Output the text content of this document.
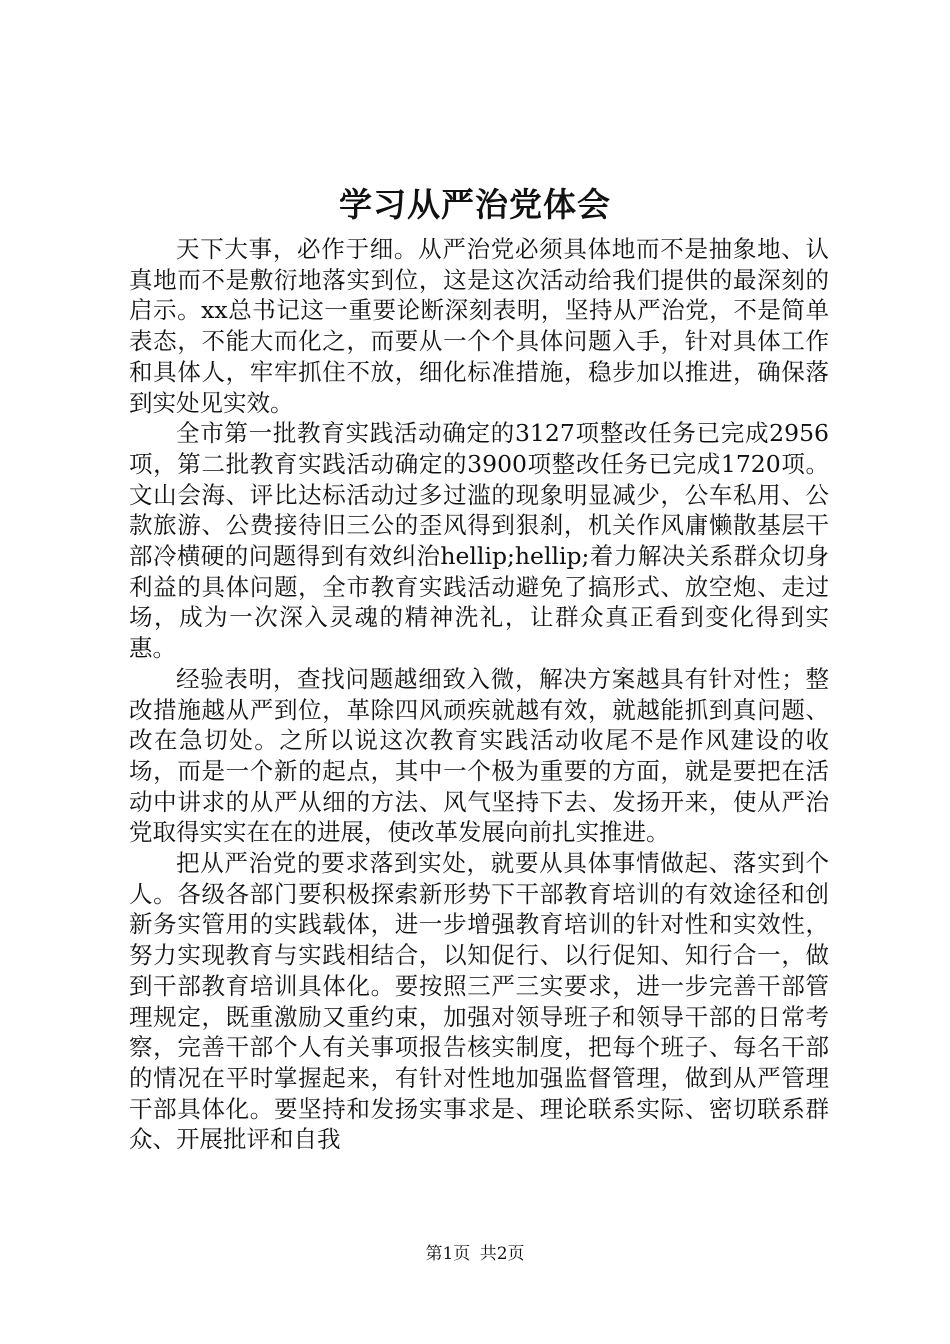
学习从严治党体会

天下大事，必作于细。从严治党必须具体地而不是抽象地、认真地而不是敷衍地落实到位，这是这次活动给我们提供的最深刻的启示。xx总书记这一重要论断深刻表明，坚持从严治党，不是简单表态，不能大而化之，而要从一个个具体问题入手，针对具体工作和具体人，牢牢抓住不放，细化标准措施，稳步加以推进，确保落到实处见实效。

全市第一批教育实践活动确定的3127项整改任务已完成2956项，第二批教育实践活动确定的3900项整改任务已完成1720项。文山会海、评比达标活动过多过滥的现象明显减少，公车私用、公款旅游、公费接待旧三公的歪风得到狠刹，机关作风庸懒散基层干部冷横硬的问题得到有效纠治hellip;hellip;着力解决关系群众切身利益的具体问题，全市教育实践活动避免了搞形式、放空炮、走过场，成为一次深入灵魂的精神洗礼，让群众真正看到变化得到实惠。

经验表明，查找问题越细致入微，解决方案越具有针对性；整改措施越从严到位，革除四风顽疾就越有效，就越能抓到真问题、改在急切处。之所以说这次教育实践活动收尾不是作风建设的收场，而是一个新的起点，其中一个极为重要的方面，就是要把在活动中讲求的从严从细的方法、风气坚持下去、发扬开来，使从严治党取得实实在在的进展，使改革发展向前扎实推进。

把从严治党的要求落到实处，就要从具体事情做起、落实到个人。各级各部门要积极探索新形势下干部教育培训的有效途径和创新务实管用的实践载体，进一步增强教育培训的针对性和实效性，努力实现教育与实践相结合，以知促行、以行促知、知行合一，做到干部教育培训具体化。要按照三严三实要求，进一步完善干部管理规定，既重激励又重约束，加强对领导班子和领导干部的日常考察，完善干部个人有关事项报告核实制度，把每个班子、每名干部的情况在平时掌握起来，有针对性地加强监督管理，做到从严管理干部具体化。要坚持和发扬实事求是、理论联系实际、密切联系群众、开展批评和自我

第1页 共2页
